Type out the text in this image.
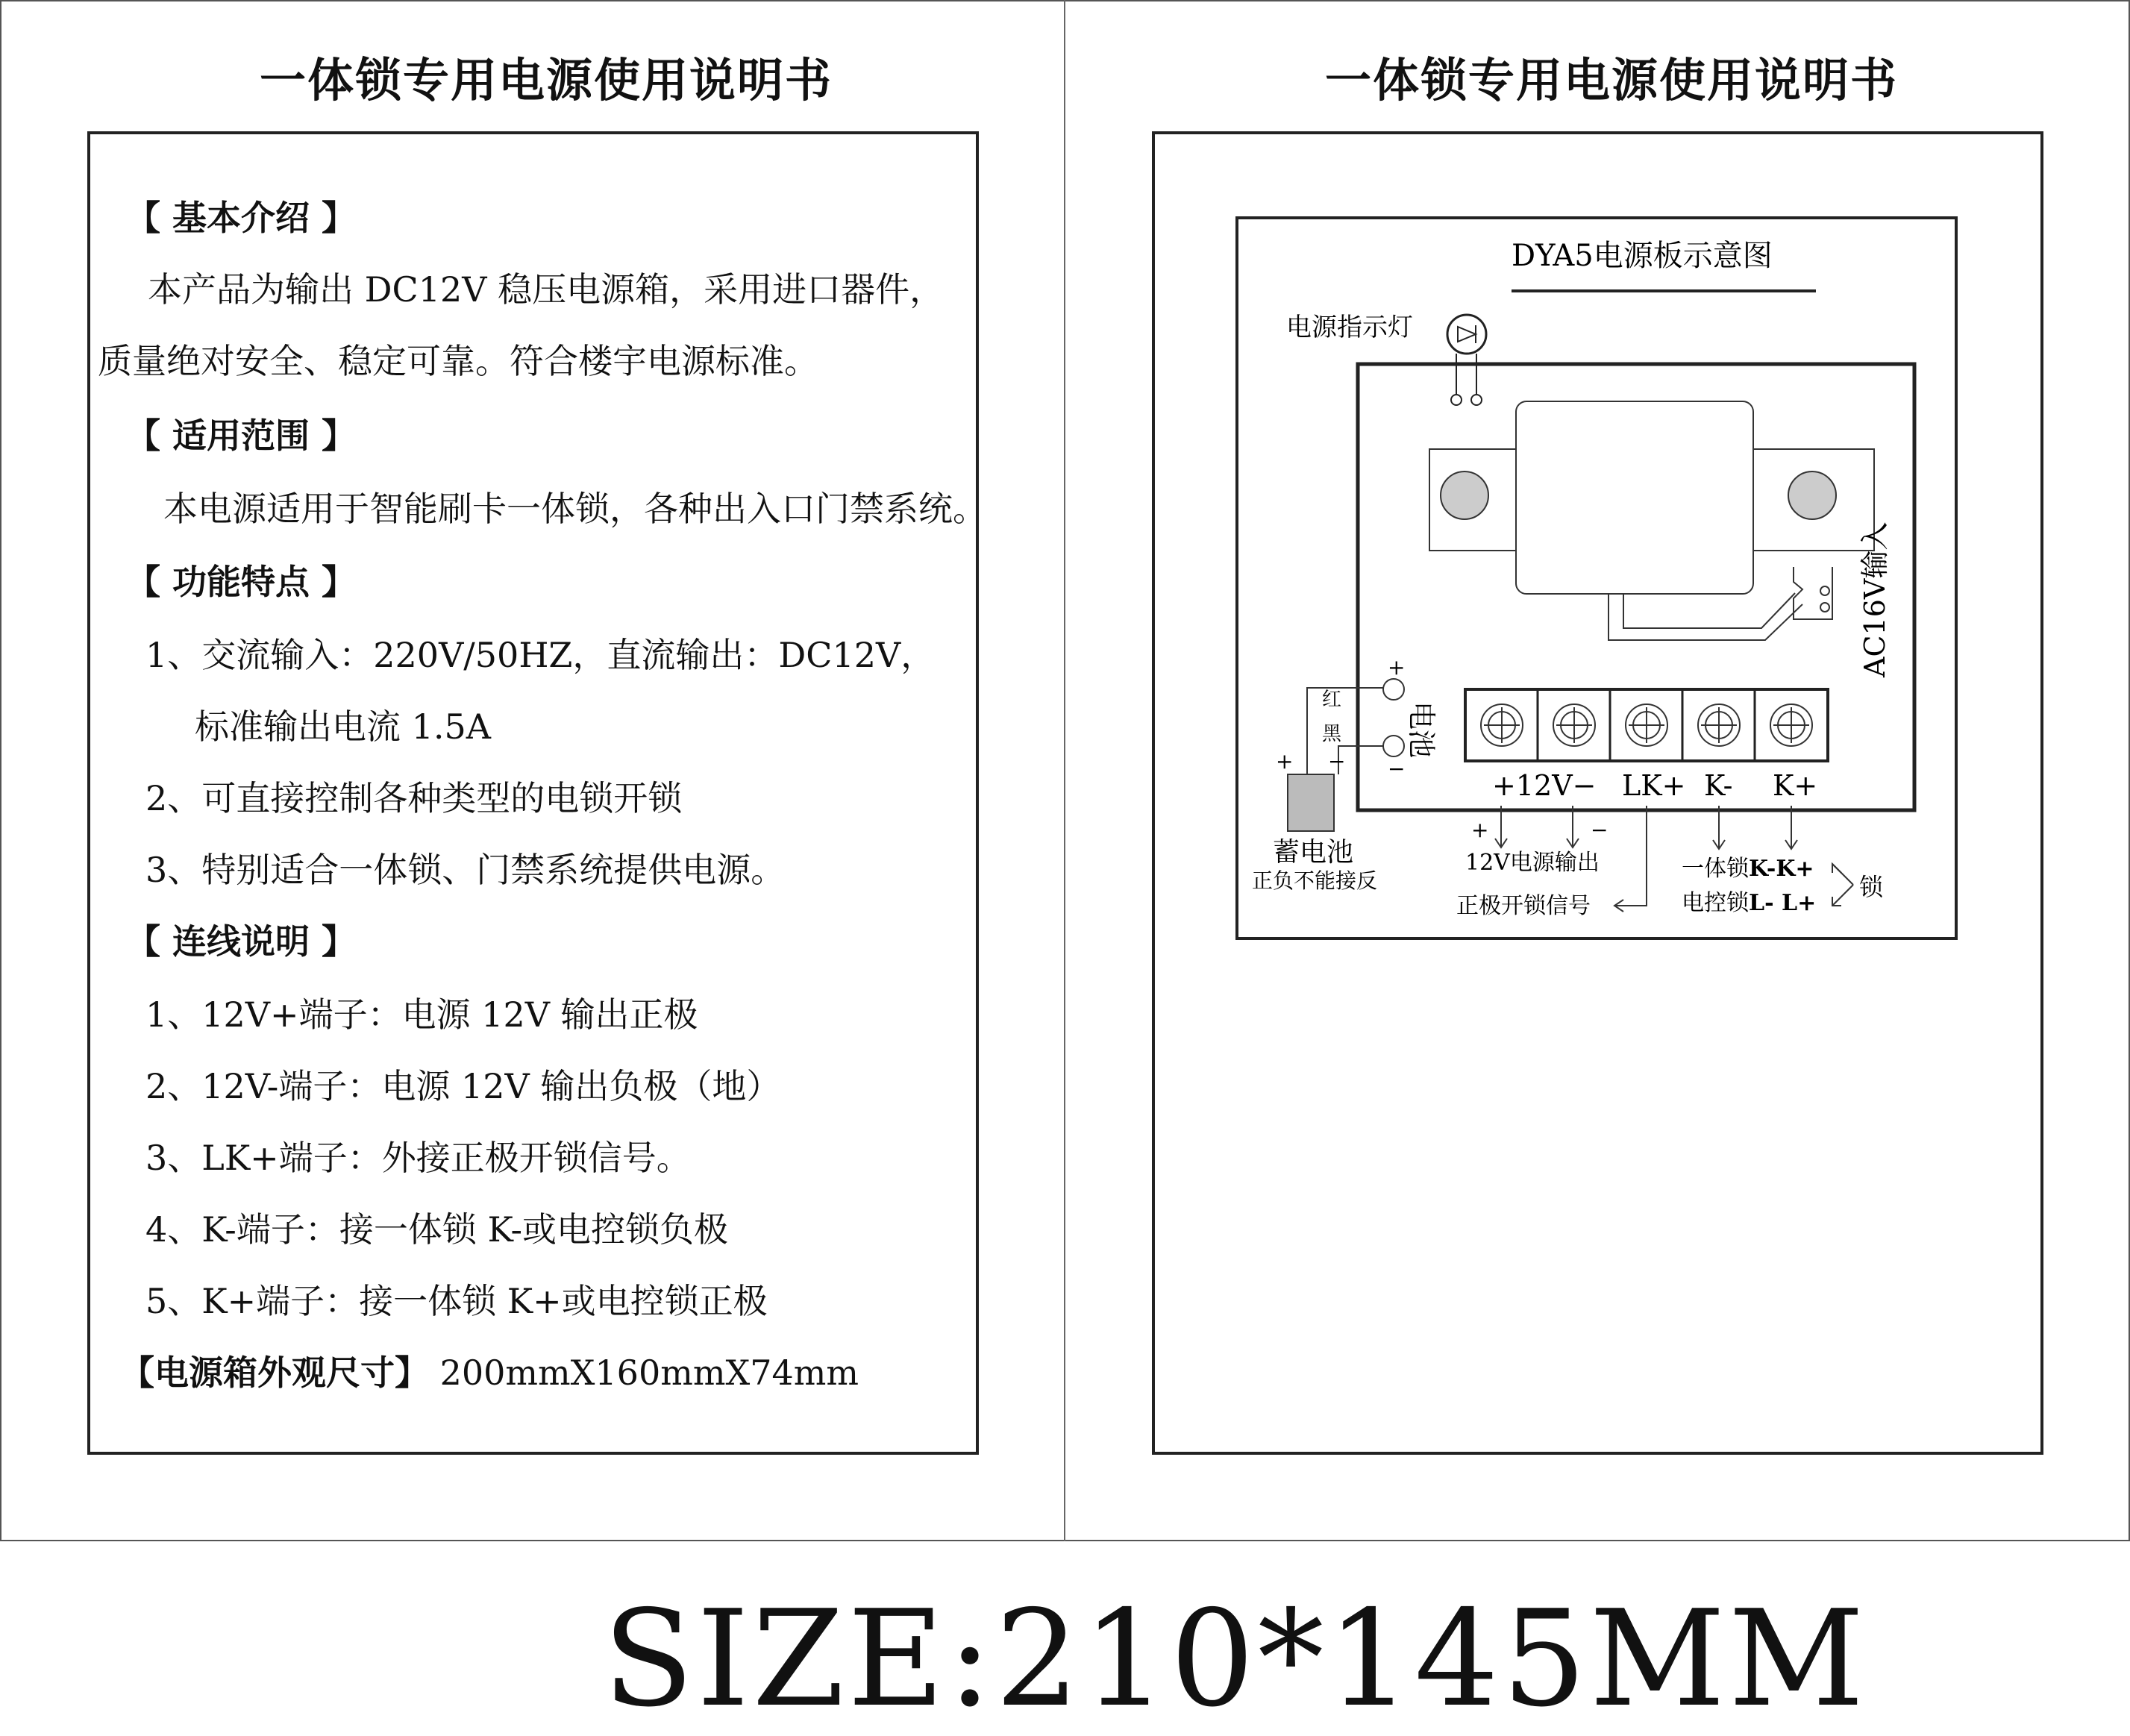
一体锁专用电源使用说明书
【 基本介绍 】
本产品为输出 DC12V 稳压电源箱，采用进口器件，
质量绝对安全、稳定可靠。符合楼宇电源标准。
【 适用范围 】
本电源适用于智能刷卡一体锁，各种出入口门禁系统。
【 功能特点 】
1、交流输入：220V/50HZ，直流输出：DC12V，
标准输出电流 1.5A
2、可直接控制各种类型的电锁开锁
3、特别适合一体锁、门禁系统提供电源。
【 连线说明 】
1、12V+端子：电源 12V 输出正极
2、12V-端子：电源 12V 输出负极（地）
3、LK+端子：外接正极开锁信号。
4、K-端子：接一体锁 K-或电控锁负极
5、K+端子：接一体锁 K+或电控锁正极
【电源箱外观尺寸】 200mmX160mmX74mm
一体锁专用电源使用说明书
DYA5电源板示意图
电源指示灯
AC16V输入
红
黑
+
−
电池
+ −
蓄电池
正负不能接反
+12V− LK+ K- K+
+	−
12V电源输出
正极开锁信号
一体锁K-K+
电控锁L- L+
锁
SIZE:210*145MM
